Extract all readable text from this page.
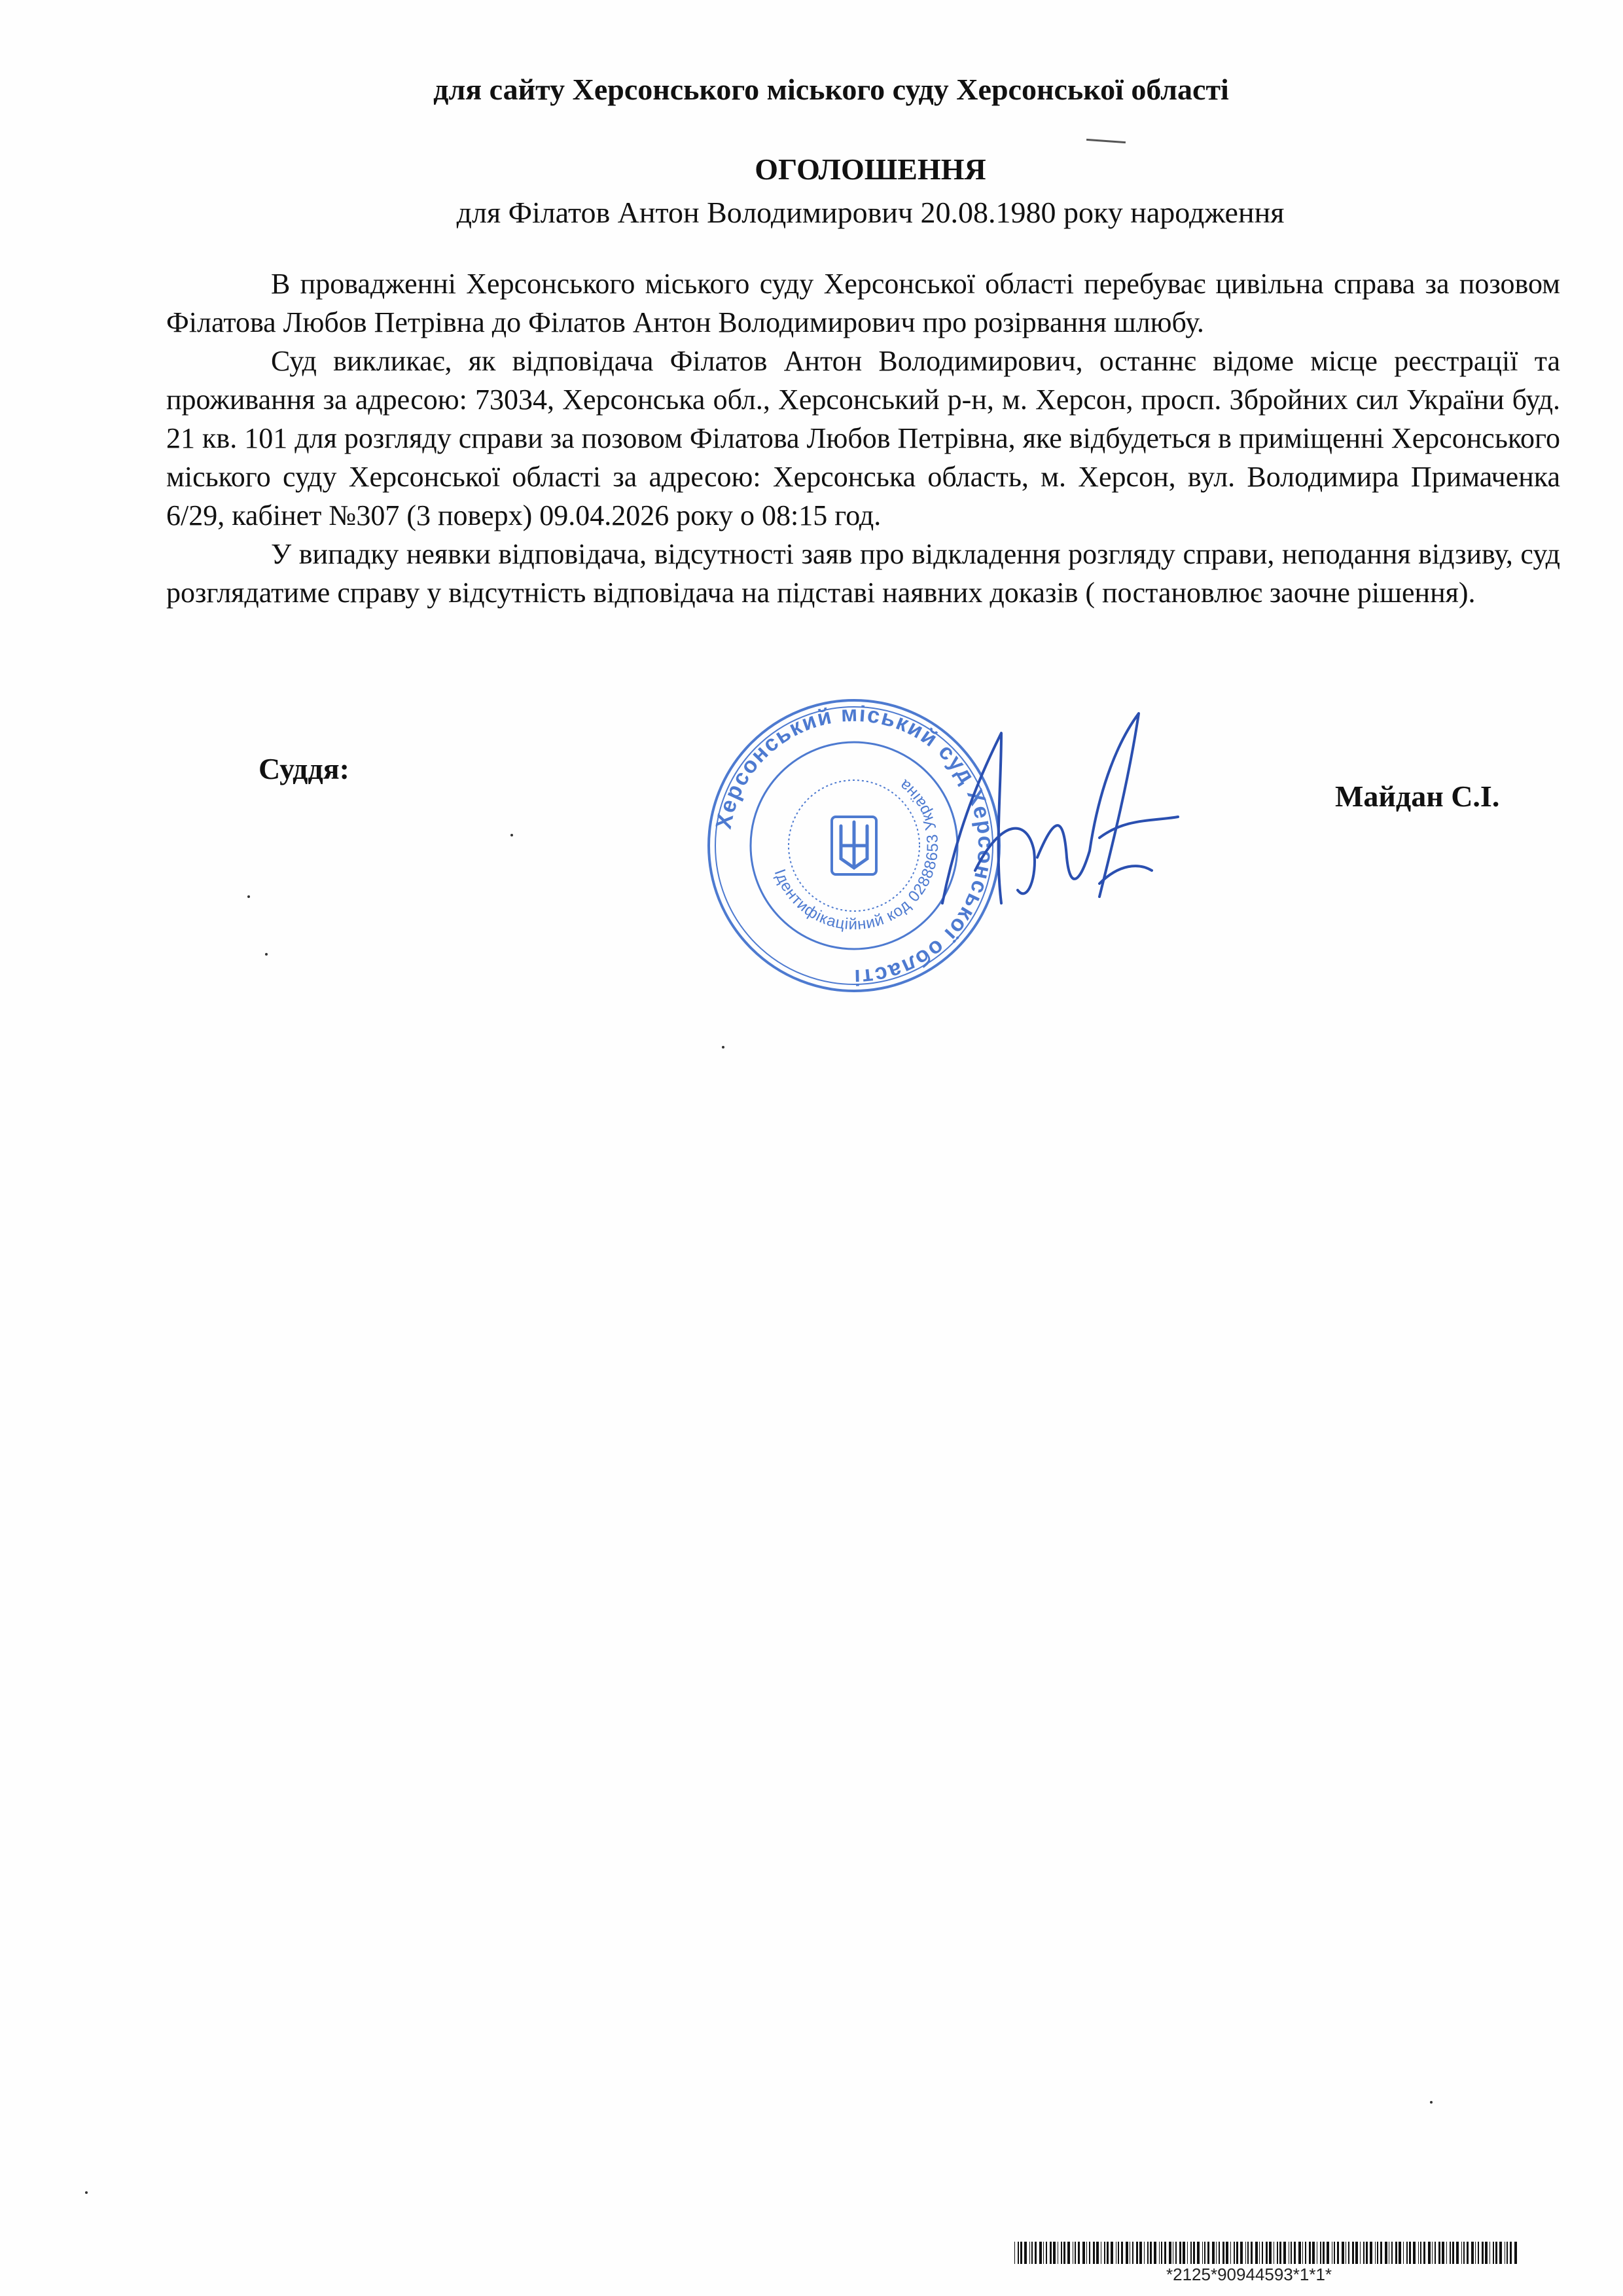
для сайту Херсонського міського суду Херсонської області
ОГОЛОШЕННЯ
для Філатов Антон Володимирович 20.08.1980 року народження

В провадженні Херсонського міського суду Херсонської області перебуває цивільна справа за позовом Філатова Любов Петрівна до Філатов Антон Володимирович про розірвання шлюбу.

Суд викликає, як відповідача Філатов Антон Володимирович, останнє відоме місце реєстрації та проживання за адресою: 73034, Херсонська обл., Херсонський р-н, м. Херсон, просп. Збройних сил України буд. 21 кв. 101 для розгляду справи за позовом Філатова Любов Петрівна, яке відбудеться в приміщенні Херсонського міського суду Херсонської області за адресою: Херсонська область, м. Херсон, вул. Володимира Примаченка 6/29, кабінет №307 (3 поверх) 09.04.2026 року о 08:15 год.

У випадку неявки відповідача, відсутності заяв про відкладення розгляду справи, неподання відзиву, суд розглядатиме справу у відсутність відповідача на підставі наявних доказів ( постановлює заочне рішення).

Суддя:
Майдан С.І.
Херсонський міський суд Херсонської області
Ідентифікаційний код 02888653 Україна
*2125*90944593*1*1*
